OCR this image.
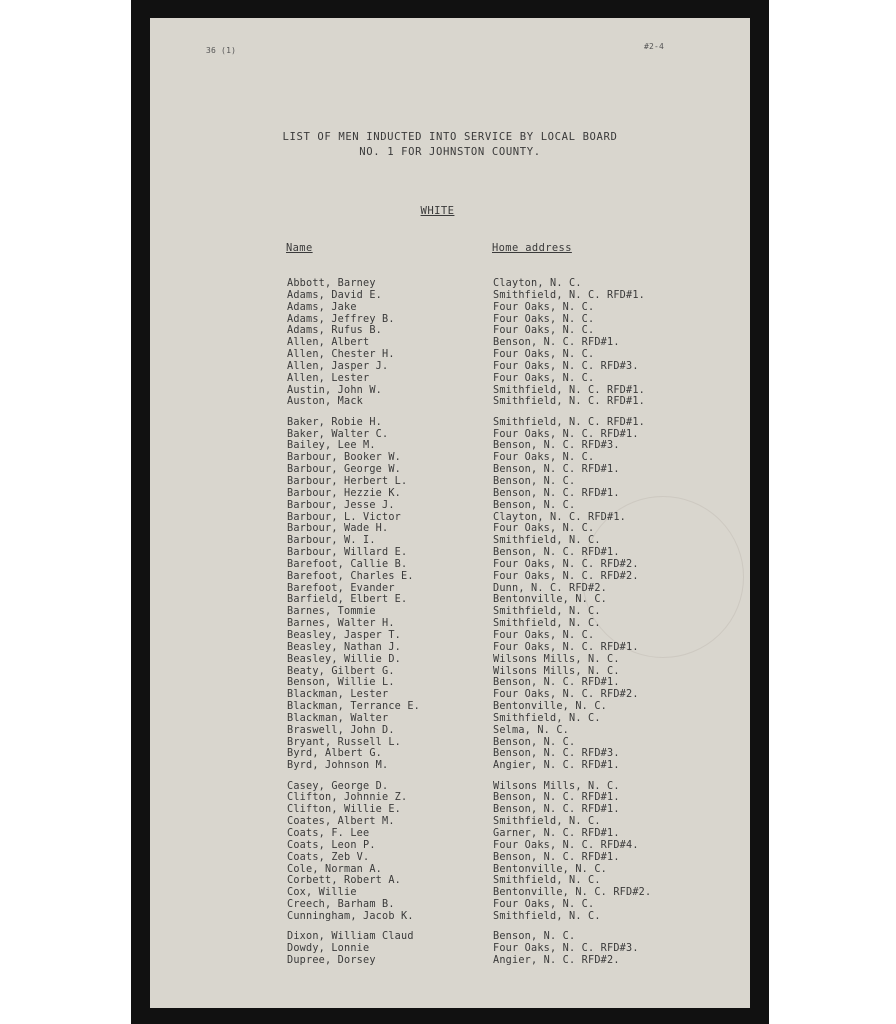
36 (1)	#2-4
LIST OF MEN INDUCTED INTO SERVICE BY LOCAL BOARD
NO. 1 FOR JOHNSTON COUNTY.
WHITE
Name	Home address
Abbott, Barney	Clayton, N. C.
Adams, David E.	Smithfield, N. C. RFD#1.
Adams, Jake	Four Oaks, N. C.
Adams, Jeffrey B.	Four Oaks, N. C.
Adams, Rufus B.	Four Oaks, N. C.
Allen, Albert	Benson, N. C. RFD#1.
Allen, Chester H.	Four Oaks, N. C.
Allen, Jasper J.	Four Oaks, N. C. RFD#3.
Allen, Lester	Four Oaks, N. C.
Austin, John W.	Smithfield, N. C. RFD#1.
Auston, Mack	Smithfield, N. C. RFD#1.
Baker, Robie H.	Smithfield, N. C. RFD#1.
Baker, Walter C.	Four Oaks, N. C. RFD#1.
Bailey, Lee M.	Benson, N. C. RFD#3.
Barbour, Booker W.	Four Oaks, N. C.
Barbour, George W.	Benson, N. C. RFD#1.
Barbour, Herbert L.	Benson, N. C.
Barbour, Hezzie K.	Benson, N. C. RFD#1.
Barbour, Jesse J.	Benson, N. C.
Barbour, L. Victor	Clayton, N. C. RFD#1.
Barbour, Wade H.	Four Oaks, N. C.
Barbour, W. I.	Smithfield, N. C.
Barbour, Willard E.	Benson, N. C. RFD#1.
Barefoot, Callie B.	Four Oaks, N. C. RFD#2.
Barefoot, Charles E.	Four Oaks, N. C. RFD#2.
Barefoot, Evander	Dunn, N. C. RFD#2.
Barfield, Elbert E.	Bentonville, N. C.
Barnes, Tommie	Smithfield, N. C.
Barnes, Walter H.	Smithfield, N. C.
Beasley, Jasper T.	Four Oaks, N. C.
Beasley, Nathan J.	Four Oaks, N. C. RFD#1.
Beasley, Willie D.	Wilsons Mills, N. C.
Beaty, Gilbert G.	Wilsons Mills, N. C.
Benson, Willie L.	Benson, N. C. RFD#1.
Blackman, Lester	Four Oaks, N. C. RFD#2.
Blackman, Terrance E.	Bentonville, N. C.
Blackman, Walter	Smithfield, N. C.
Braswell, John D.	Selma, N. C.
Bryant, Russell L.	Benson, N. C.
Byrd, Albert G.	Benson, N. C. RFD#3.
Byrd, Johnson M.	Angier, N. C. RFD#1.
Casey, George D.	Wilsons Mills, N. C.
Clifton, Johnnie Z.	Benson, N. C. RFD#1.
Clifton, Willie E.	Benson, N. C. RFD#1.
Coates, Albert M.	Smithfield, N. C.
Coats, F. Lee	Garner, N. C. RFD#1.
Coats, Leon P.	Four Oaks, N. C. RFD#4.
Coats, Zeb V.	Benson, N. C. RFD#1.
Cole, Norman A.	Bentonville, N. C.
Corbett, Robert A.	Smithfield, N. C.
Cox, Willie	Bentonville, N. C. RFD#2.
Creech, Barham B.	Four Oaks, N. C.
Cunningham, Jacob K.	Smithfield, N. C.
Dixon, William Claud	Benson, N. C.
Dowdy, Lonnie	Four Oaks, N. C. RFD#3.
Dupree, Dorsey	Angier, N. C. RFD#2.
